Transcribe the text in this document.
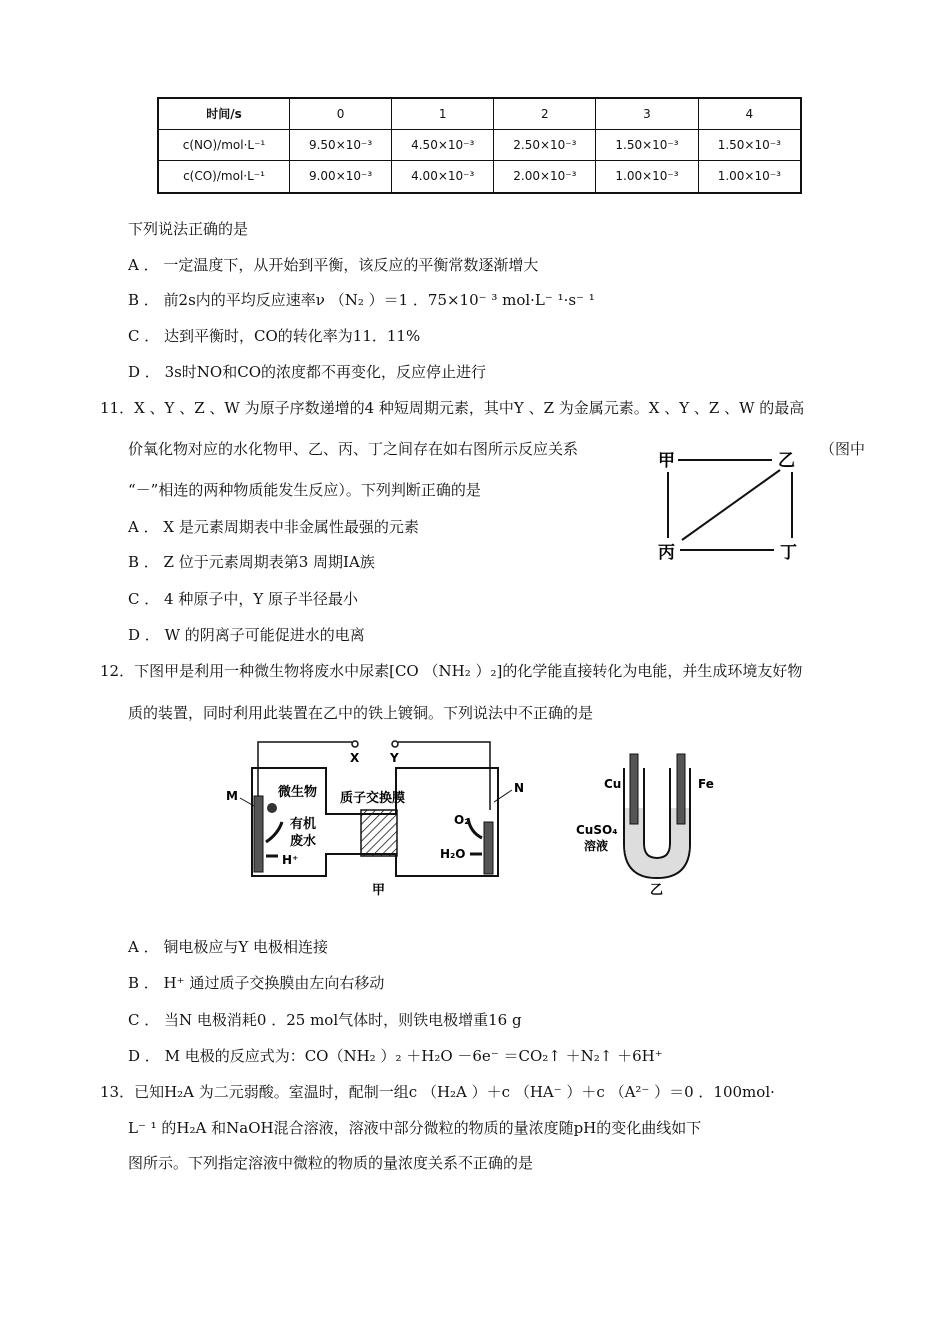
时间/s	0	1	2	3	4
c(NO)/mol·L⁻¹	9.50×10⁻³	4.50×10⁻³	2.50×10⁻³	1.50×10⁻³	1.50×10⁻³
c(CO)/mol·L⁻¹	9.00×10⁻³	4.00×10⁻³	2.00×10⁻³	1.00×10⁻³	1.00×10⁻³
下列说法正确的是
A ． 一定温度下，从开始到平衡，该反应的平衡常数逐渐增大
B ． 前2s内的平均反应速率ν （N₂ ）＝1 ．75×10⁻ ³ mol·L⁻ ¹·s⁻ ¹
C ． 达到平衡时，CO的转化率为11．11%
D ． 3s时NO和CO的浓度都不再变化，反应停止进行
11．X 、Y 、Z 、W 为原子序数递增的4 种短周期元素，其中Y 、Z 为金属元素。X 、Y 、Z 、W 的最高
价氧化物对应的水化物甲、乙、丙、丁之间存在如右图所示反应关系	（图中
“－”相连的两种物质能发生反应）。下列判断正确的是
A ． X 是元素周期表中非金属性最强的元素
B ． Z 位于元素周期表第3 周期IA族
C ． 4 种原子中，Y 原子半径最小
D ． W 的阴离子可能促进水的电离
甲	乙
丙	丁
12．下图甲是利用一种微生物将废水中尿素[CO （NH₂ ）₂]的化学能直接转化为电能，并生成环境友好物
质的装置，同时利用此装置在乙中的铁上镀铜。下列说法中不正确的是
X	Y
质子交换膜
M
N
微生物
有机
废水
H⁺
O₂
H₂O
甲
Cu	Fe
CuSO₄
溶液
乙
A ． 铜电极应与Y 电极相连接
B ． H⁺ 通过质子交换膜由左向右移动
C ． 当N 电极消耗0 ．25 mol气体时，则铁电极增重16 g
D ． M 电极的反应式为：CO（NH₂ ）₂ ＋H₂O －6e⁻ ＝CO₂↑ ＋N₂↑ ＋6H⁺
13．已知H₂A 为二元弱酸。室温时，配制一组c （H₂A ）＋c （HA⁻ ）＋c （A²⁻ ）＝0 ．100mol·
L⁻ ¹ 的H₂A 和NaOH混合溶液，溶液中部分微粒的物质的量浓度随pH的变化曲线如下
图所示。下列指定溶液中微粒的物质的量浓度关系不正确的是
